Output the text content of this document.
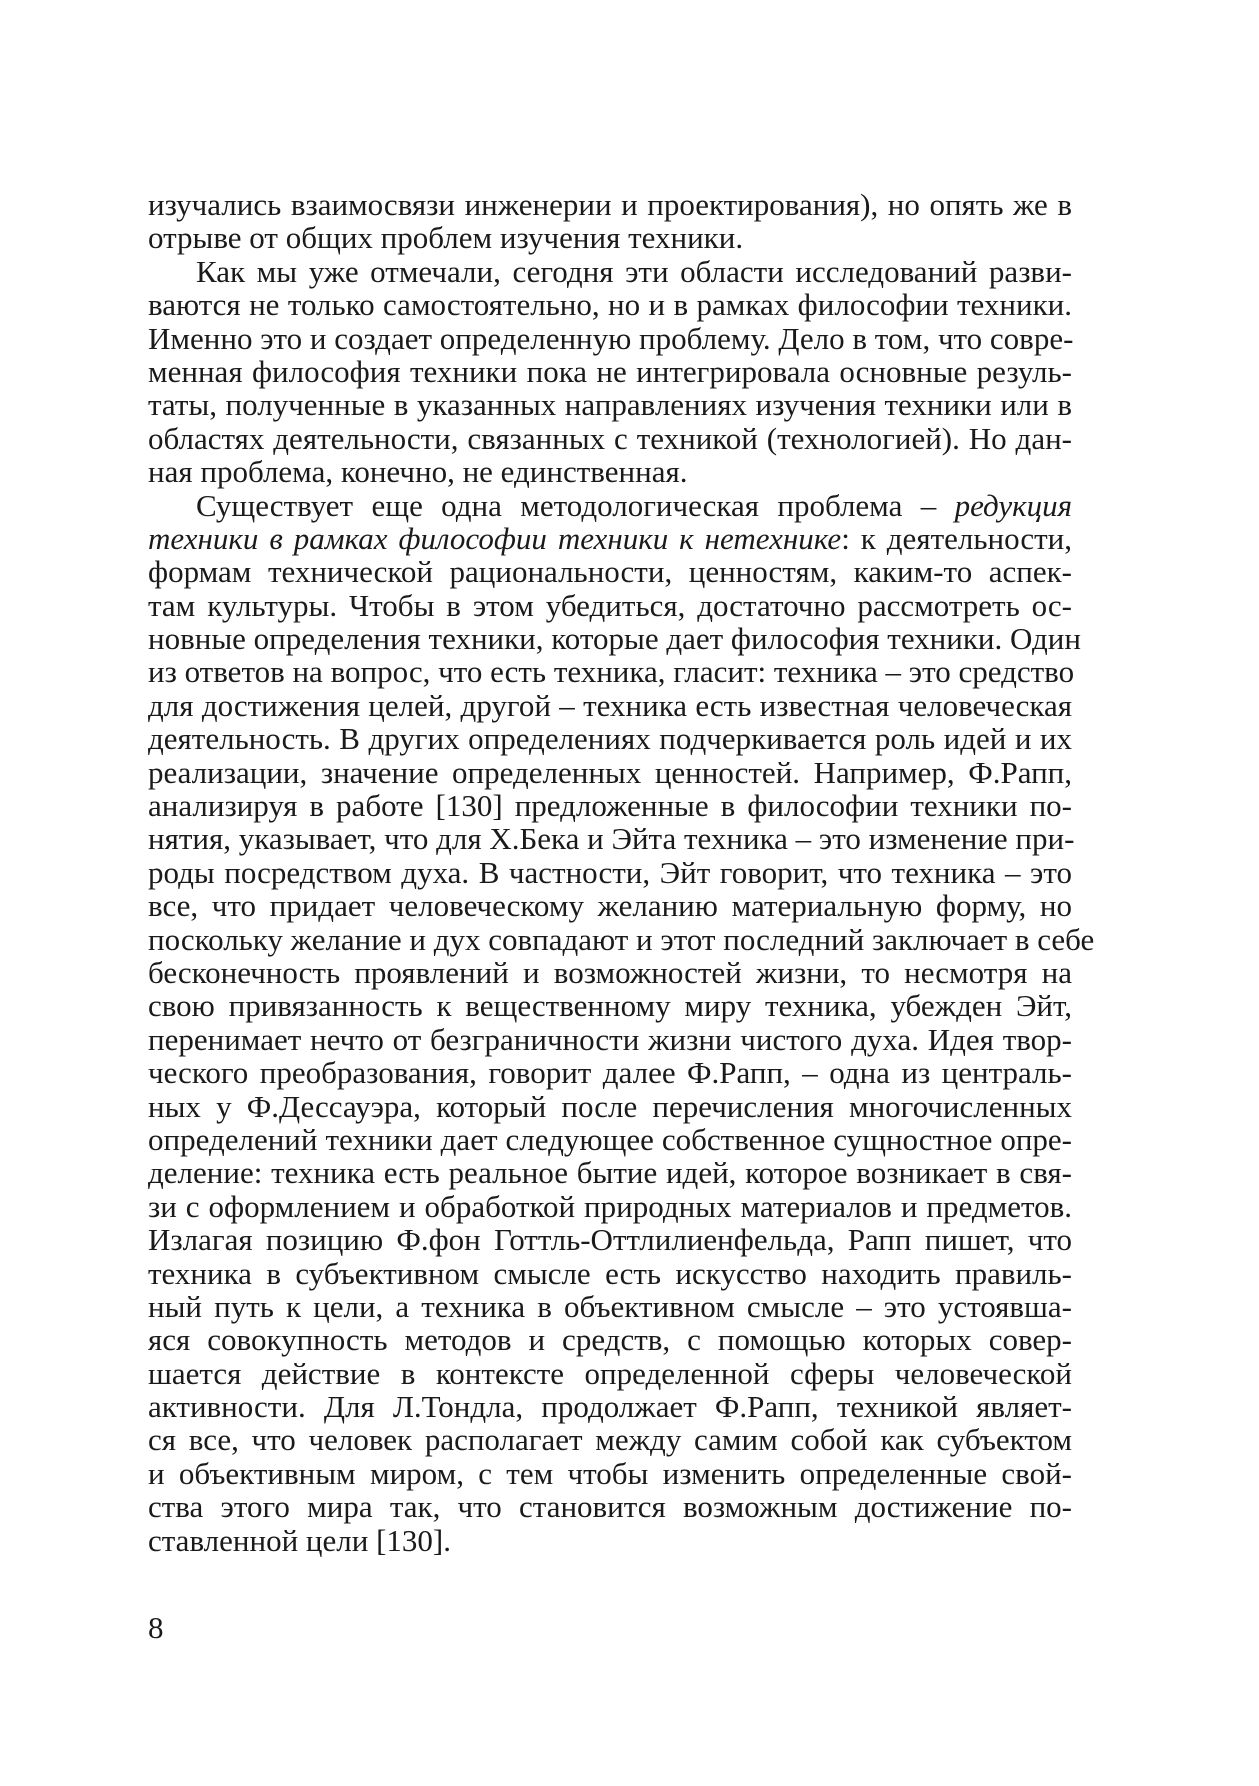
изучались взаимосвязи инженерии и проектирования), но опять же в
отрыве от общих проблем изучения техники.
Как мы уже отмечали, сегодня эти области исследований разви-
ваются не только самостоятельно, но и в рамках философии техники.
Именно это и создает определенную проблему. Дело в том, что совре-
менная философия техники пока не интегрировала основные резуль-
таты, полученные в указанных направлениях изучения техники или в
областях деятельности, связанных с техникой (технологией). Но дан-
ная проблема, конечно, не единственная.
Существует еще одна методологическая проблема – редукция
техники в рамках философии техники к нетехнике: к деятельности,
формам технической рациональности, ценностям, каким-то аспек-
там культуры. Чтобы в этом убедиться, достаточно рассмотреть ос-
новные определения техники, которые дает философия техники. Один
из ответов на вопрос, что есть техника, гласит: техника – это средство
для достижения целей, другой – техника есть известная человеческая
деятельность. В других определениях подчеркивается роль идей и их
реализации, значение определенных ценностей. Например, Ф.Рапп,
анализируя в работе [130] предложенные в философии техники по-
нятия, указывает, что для Х.Бека и Эйта техника – это изменение при-
роды посредством духа. В частности, Эйт говорит, что техника – это
все, что придает человеческому желанию материальную форму, но
поскольку желание и дух совпадают и этот последний заключает в себе
бесконечность проявлений и возможностей жизни, то несмотря на
свою привязанность к вещественному миру техника, убежден Эйт,
перенимает нечто от безграничности жизни чистого духа. Идея твор-
ческого преобразования, говорит далее Ф.Рапп, – одна из централь-
ных у Ф.Дессауэра, который после перечисления многочисленных
определений техники дает следующее собственное сущностное опре-
деление: техника есть реальное бытие идей, которое возникает в свя-
зи с оформлением и обработкой природных материалов и предметов.
Излагая позицию Ф.фон Готтль-Оттлилиенфельда, Рапп пишет, что
техника в субъективном смысле есть искусство находить правиль-
ный путь к цели, а техника в объективном смысле – это устоявша-
яся совокупность методов и средств, с помощью которых совер-
шается действие в контексте определенной сферы человеческой
активности. Для Л.Тондла, продолжает Ф.Рапп, техникой являет-
ся все, что человек располагает между самим собой как субъектом
и объективным миром, с тем чтобы изменить определенные свой-
ства этого мира так, что становится возможным достижение по-
ставленной цели [130].
8
